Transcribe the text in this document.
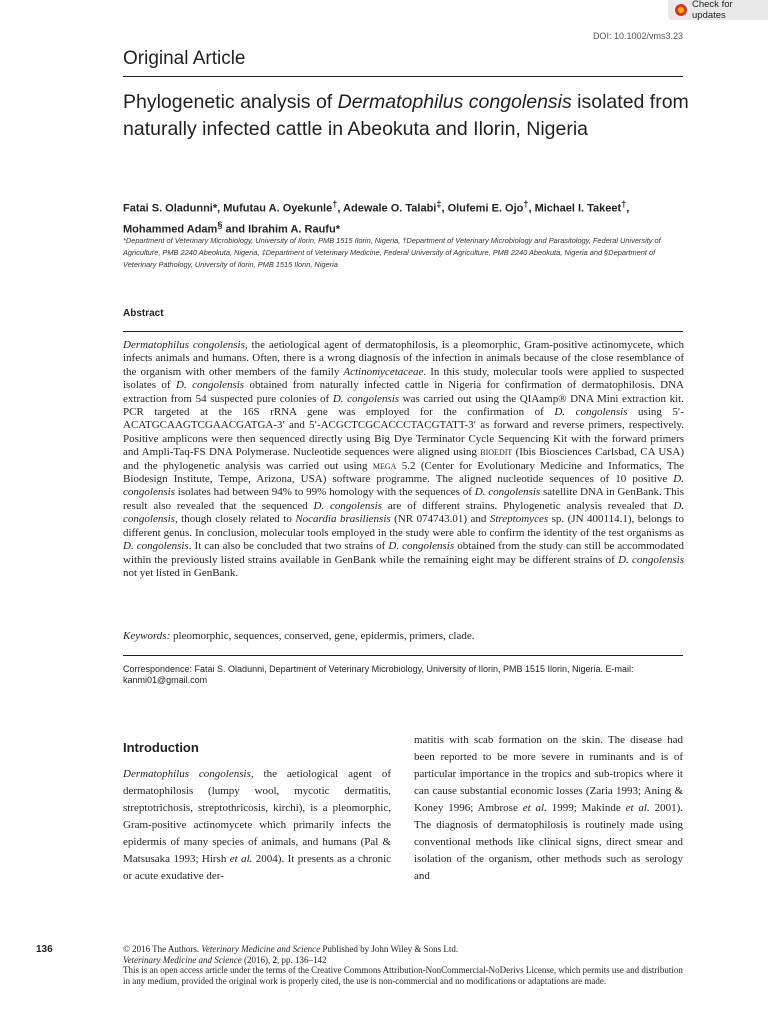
Check for updates
DOI: 10.1002/vms3.23
Original Article
Phylogenetic analysis of Dermatophilus congolensis isolated from naturally infected cattle in Abeokuta and Ilorin, Nigeria
Fatai S. Oladunni*, Mufutau A. Oyekunle†, Adewale O. Talabi‡, Olufemi E. Ojo†, Michael I. Takeet†, Mohammed Adam§ and Ibrahim A. Raufu*
*Department of Veterinary Microbiology, University of Ilorin, PMB 1515 Ilorin, Nigeria, †Department of Veterinary Microbiology and Parasitology, Federal University of Agriculture, PMB 2240 Abeokuta, Nigeria, ‡Department of Veterinary Medicine, Federal University of Agriculture, PMB 2240 Abeokuta, Nigeria and §Department of Veterinary Pathology, University of Ilorin, PMB 1515 Ilorin, Nigeria
Abstract
Dermatophilus congolensis, the aetiological agent of dermatophilosis, is a pleomorphic, Gram-positive actinomycete, which infects animals and humans. Often, there is a wrong diagnosis of the infection in animals because of the close resemblance of the organism with other members of the family Actinomycetaceae. In this study, molecular tools were applied to suspected isolates of D. congolensis obtained from naturally infected cattle in Nigeria for confirmation of dermatophilosis. DNA extraction from 54 suspected pure colonies of D. congolensis was carried out using the QIAamp® DNA Mini extraction kit. PCR targeted at the 16S rRNA gene was employed for the confirmation of D. congolensis using 5′-ACATGCAAGTCGAACGATGA-3′ and 5′-ACGCTCGCACCCTACGTATT-3′ as forward and reverse primers, respectively. Positive amplicons were then sequenced directly using Big Dye Terminator Cycle Sequencing Kit with the forward primers and Ampli-Taq-FS DNA Polymerase. Nucleotide sequences were aligned using bioedit (Ibis Biosciences Carlsbad, CA USA) and the phylogenetic analysis was carried out using mega 5.2 (Center for Evolutionary Medicine and Informatics, The Biodesign Institute, Tempe, Arizona, USA) software programme. The aligned nucleotide sequences of 10 positive D. congolensis isolates had between 94% to 99% homology with the sequences of D. congolensis satellite DNA in GenBank. This result also revealed that the sequenced D. congolensis are of different strains. Phylogenetic analysis revealed that D. congolensis, though closely related to Nocardia brasiliensis (NR 074743.01) and Streptomyces sp. (JN 400114.1), belongs to different genus. In conclusion, molecular tools employed in the study were able to confirm the identity of the test organisms as D. congolensis. It can also be concluded that two strains of D. congolensis obtained from the study can still be accommodated within the previously listed strains available in GenBank while the remaining eight may be different strains of D. congolensis not yet listed in GenBank.
Keywords: pleomorphic, sequences, conserved, gene, epidermis, primers, clade.
Correspondence: Fatai S. Oladunni, Department of Veterinary Microbiology, University of Ilorin, PMB 1515 Ilorin, Nigeria. E-mail: kanmi01@gmail.com
Introduction
Dermatophilus congolensis, the aetiological agent of dermatophilosis (lumpy wool, mycotic dermatitis, streptotrichosis, streptothricosis, kirchi), is a pleomorphic, Gram-positive actinomycete which primarily infects the epidermis of many species of animals, and humans (Pal & Matsusaka 1993; Hirsh et al. 2004). It presents as a chronic or acute exudative der-
matitis with scab formation on the skin. The disease had been reported to be more severe in ruminants and is of particular importance in the tropics and sub-tropics where it can cause substantial economic losses (Zaria 1993; Aning & Koney 1996; Ambrose et al. 1999; Makinde et al. 2001). The diagnosis of dermatophilosis is routinely made using conventional methods like clinical signs, direct smear and isolation of the organism, other methods such as serology and
136	© 2016 The Authors. Veterinary Medicine and Science Published by John Wiley & Sons Ltd.
Veterinary Medicine and Science (2016), 2, pp. 136–142
This is an open access article under the terms of the Creative Commons Attribution-NonCommercial-NoDerivs License, which permits use and distribution in any medium, provided the original work is properly cited, the use is non-commercial and no modifications or adaptations are made.
